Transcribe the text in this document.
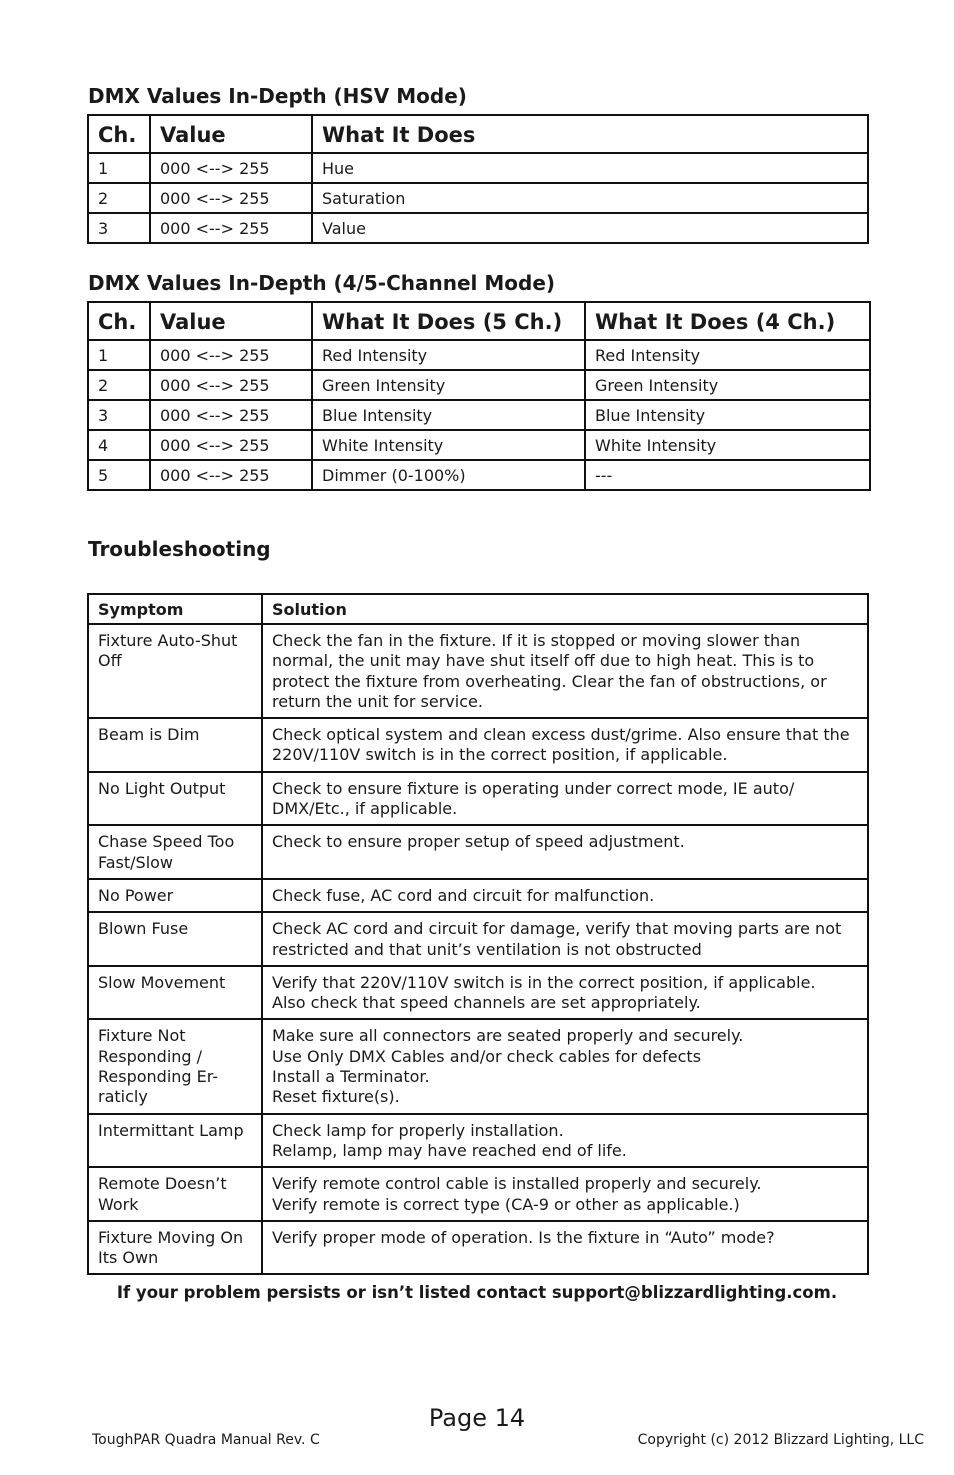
DMX Values In-Depth (HSV Mode)
Ch.	Value	What It Does
1	000 <--> 255	Hue
2	000 <--> 255	Saturation
3	000 <--> 255	Value
DMX Values In-Depth (4/5-Channel Mode)
Ch.	Value	What It Does (5 Ch.)	What It Does (4 Ch.)
1	000 <--> 255	Red Intensity	Red Intensity
2	000 <--> 255	Green Intensity	Green Intensity
3	000 <--> 255	Blue Intensity	Blue Intensity
4	000 <--> 255	White Intensity	White Intensity
5	000 <--> 255	Dimmer (0-100%)	---
Troubleshooting
Symptom	Solution
Fixture Auto-Shut Off	Check the fan in the fixture. If it is stopped or moving slower than normal, the unit may have shut itself off due to high heat. This is to protect the fixture from overheating. Clear the fan of obstructions, or return the unit for service.
Beam is Dim	Check optical system and clean excess dust/grime. Also ensure that the 220V/110V switch is in the correct position, if applicable.
No Light Output	Check to ensure fixture is operating under correct mode, IE auto/
DMX/Etc., if applicable.
Chase Speed Too Fast/Slow	Check to ensure proper setup of speed adjustment.
No Power	Check fuse, AC cord and circuit for malfunction.
Blown Fuse	Check AC cord and circuit for damage, verify that moving parts are not restricted and that unit’s ventilation is not obstructed
Slow Movement	Verify that 220V/110V switch is in the correct position, if applicable.
Also check that speed channels are set appropriately.
Fixture Not Responding / Responding Er-raticly	Make sure all connectors are seated properly and securely.
Use Only DMX Cables and/or check cables for defects
Install a Terminator.
Reset fixture(s).
Intermittant Lamp	Check lamp for properly installation.
Relamp, lamp may have reached end of life.
Remote Doesn’t Work	Verify remote control cable is installed properly and securely.
Verify remote is correct type (CA-9 or other as applicable.)
Fixture Moving On Its Own	Verify proper mode of operation. Is the fixture in “Auto” mode?

If your problem persists or isn’t listed contact support@blizzardlighting.com.

Page 14

ToughPAR Quadra Manual Rev. C	Copyright (c) 2012 Blizzard Lighting, LLC
